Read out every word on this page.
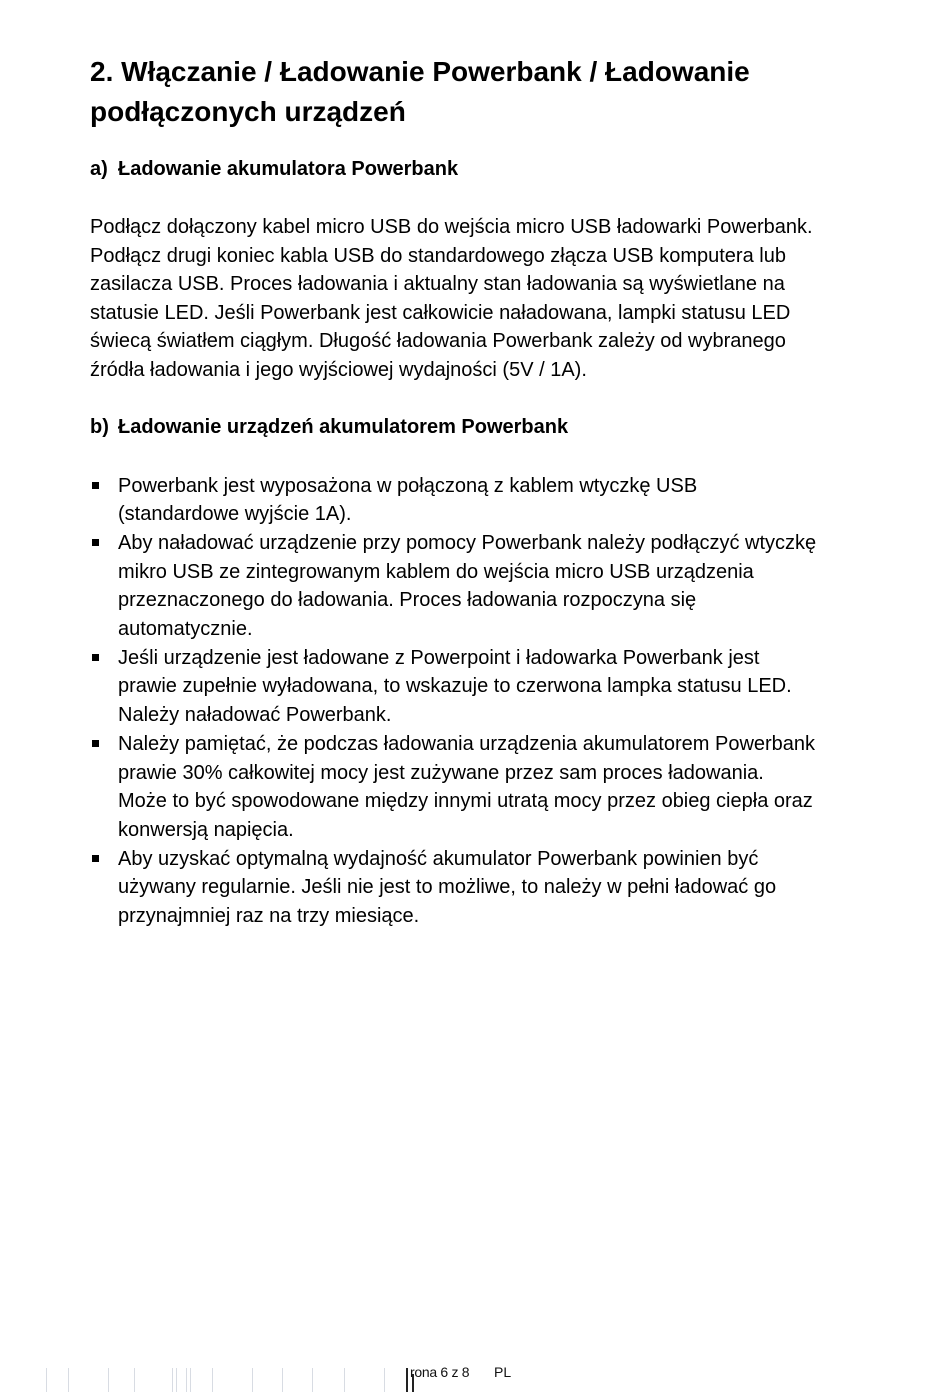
2. Włączanie / Ładowanie Powerbank / Ładowanie
podłączonych urządzeń
a) Ładowanie akumulatora Powerbank

Podłącz dołączony kabel micro USB do wejścia micro USB ładowarki Powerbank. Podłącz drugi koniec kabla USB do standardowego złącza USB komputera lub zasilacza USB. Proces ładowania i aktualny stan ładowania są wyświetlane na statusie LED. Jeśli Powerbank jest całkowicie naładowana, lampki statusu LED świecą światłem ciągłym. Długość ładowania Powerbank zależy od wybranego źródła ładowania i jego wyjściowej wydajności (5V / 1A).

b) Ładowanie urządzeń akumulatorem Powerbank
Powerbank jest wyposażona w połączoną z kablem wtyczkę USB (standardowe wyjście 1A).
Aby naładować urządzenie przy pomocy Powerbank należy podłączyć wtyczkę mikro USB ze zintegrowanym kablem do wejścia micro USB urządzenia przeznaczonego do ładowania. Proces ładowania rozpoczyna się automatycznie.
Jeśli urządzenie jest ładowane z Powerpoint i ładowarka Powerbank jest prawie zupełnie wyładowana, to wskazuje to czerwona lampka statusu LED. Należy naładować Powerbank.
Należy pamiętać, że podczas ładowania urządzenia akumulatorem Powerbank prawie 30% całkowitej mocy jest zużywane przez sam proces ładowania. Może to być spowodowane między innymi utratą mocy przez obieg ciepła oraz konwersją napięcia.
Aby uzyskać optymalną wydajność akumulator Powerbank powinien być używany regularnie. Jeśli nie jest to możliwe, to należy w pełni ładować go przynajmniej raz na trzy miesiące.
rona 6 z 8 PL
